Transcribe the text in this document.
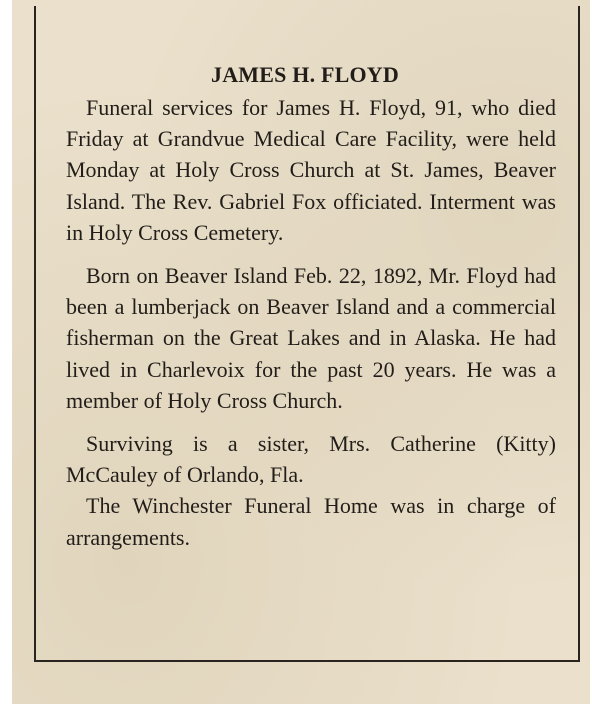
JAMES H. FLOYD

Funeral services for James H. Floyd, 91, who died Friday at Grandvue Medical Care Facility, were held Monday at Holy Cross Church at St. James, Beaver Island. The Rev. Gabriel Fox officiated. Interment was in Holy Cross Cemetery.

Born on Beaver Island Feb. 22, 1892, Mr. Floyd had been a lumberjack on Beaver Island and a commercial fisherman on the Great Lakes and in Alaska. He had lived in Charlevoix for the past 20 years. He was a member of Holy Cross Church.

Surviving is a sister, Mrs. Catherine (Kitty) McCauley of Orlando, Fla.

The Winchester Funeral Home was in charge of arrangements.
